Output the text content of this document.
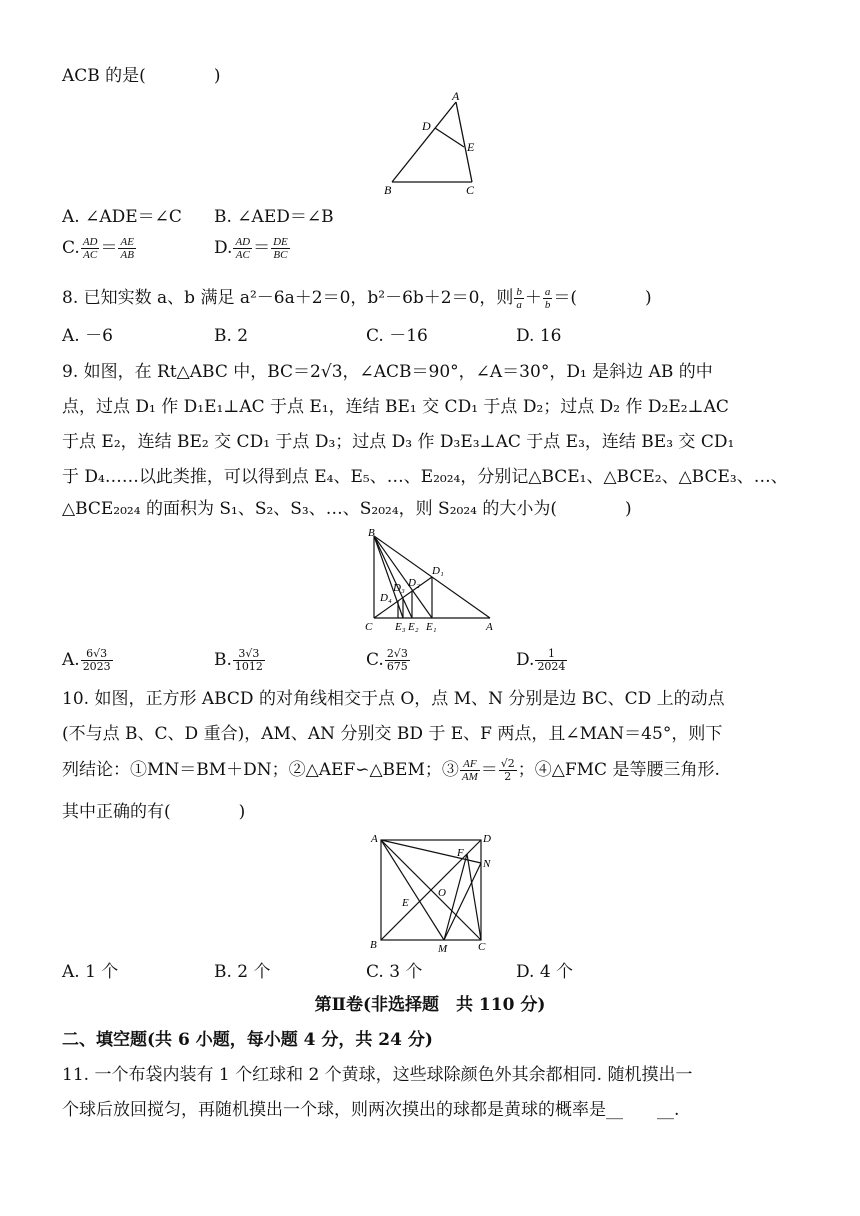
ACB 的是(　　　　)
A
D
E
B	C
A. ∠ADE＝∠C B. ∠AED＝∠B
C. $\frac{AD}{AC} = \frac{AE}{AB}$	D. $\frac{AD}{AC} = \frac{DE}{BC}$
8. 已知实数 a、b 满足 a²－6a＋2＝0，b²－6b＋2＝0，则 $\frac{b}{a} + \frac{a}{b}$ ＝(　　　　)
A. －6	B. 2	C. －16	D. 16
9. 如图，在 Rt△ABC 中，BC＝2√3，∠ACB＝90°，∠A＝30°，D₁ 是斜边 AB 的中
点，过点 D₁ 作 D₁E₁⊥AC 于点 E₁，连结 BE₁ 交 CD₁ 于点 D₂；过点 D₂ 作 D₂E₂⊥AC
于点 E₂，连结 BE₂ 交 CD₁ 于点 D₃；过点 D₃ 作 D₃E₃⊥AC 于点 E₃，连结 BE₃ 交 CD₁
于 D₄……以此类推，可以得到点 E₄、E₅、…、E₂₀₂₄，分别记△BCE₁、△BCE₂、△BCE₃、…、
△BCE₂₀₂₄ 的面积为 S₁、S₂、S₃、…、S₂₀₂₄，则 S₂₀₂₄ 的大小为(　　　　)
B
D₁
D₂
D₃
D₄
C E₃ E₂ E₁	A
A. $\frac{6√3}{2023}$	B. $\frac{3√3}{1012}$	C. $\frac{2√3}{675}$	D. $\frac{1}{2024}$
10. 如图，正方形 ABCD 的对角线相交于点 O，点 M、N 分别是边 BC、CD 上的动点
(不与点 B、C、D 重合)，AM、AN 分别交 BD 于 E、F 两点，且∠MAN＝45°，则下
列结论：①MN＝BM＋DN；②△AEF∽△BEM；③ $\frac{AF}{AM} = \frac{√2}{2}$ ；④△FMC 是等腰三角形.
其中正确的有(　　　　)
A	D
F
N
O
E
B	M	C
A. 1 个	B. 2 个	C. 3 个	D. 4 个
第Ⅱ卷(非选择题　共 110 分)
二、填空题(共 6 小题，每小题 4 分，共 24 分)
11. 一个布袋内装有 1 个红球和 2 个黄球，这些球除颜色外其余都相同. 随机摸出一
个球后放回搅匀，再随机摸出一个球，则两次摸出的球都是黄球的概率是__　　__.
